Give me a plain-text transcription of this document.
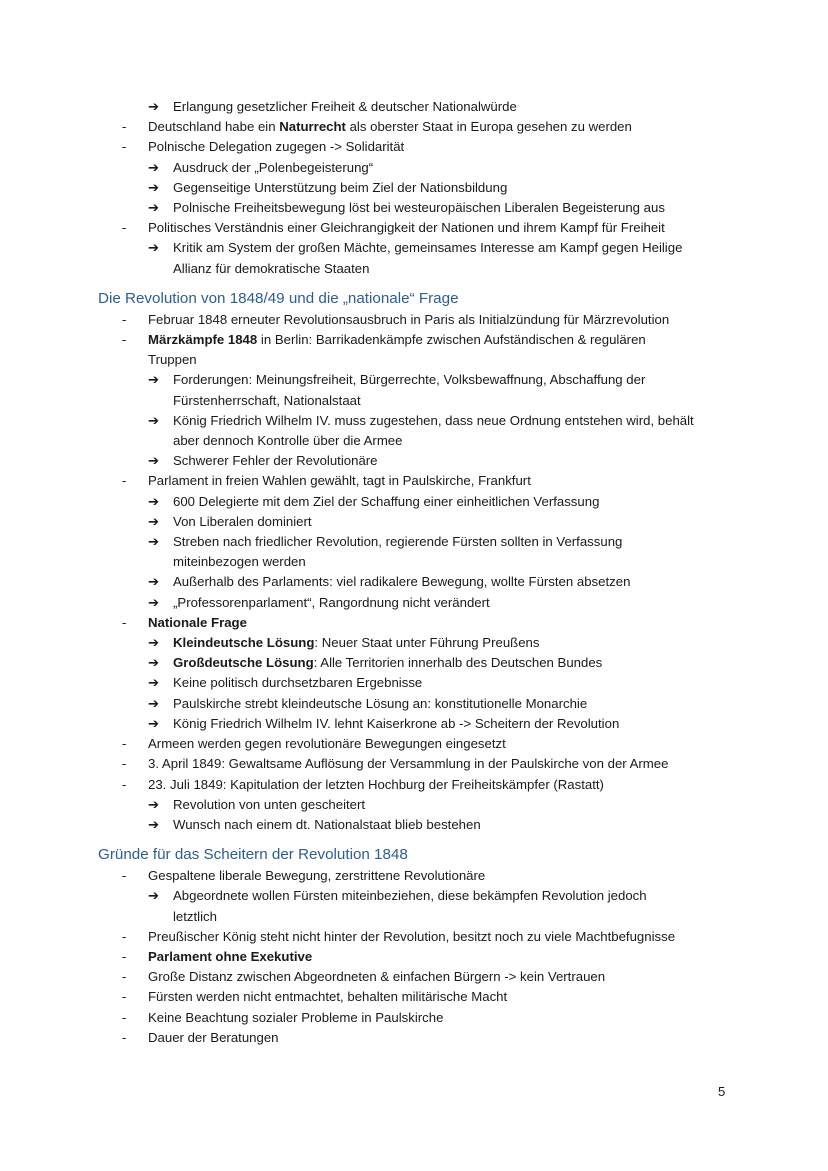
➔ Erlangung gesetzlicher Freiheit & deutscher Nationalwürde
- Deutschland habe ein Naturrecht als oberster Staat in Europa gesehen zu werden
- Polnische Delegation zugegen -> Solidarität
➔ Ausdruck der „Polenbegeisterung“
➔ Gegenseitige Unterstützung beim Ziel der Nationsbildung
➔ Polnische Freiheitsbewegung löst bei westeuropäischen Liberalen Begeisterung aus
- Politisches Verständnis einer Gleichrangigkeit der Nationen und ihrem Kampf für Freiheit
➔ Kritik am System der großen Mächte, gemeinsames Interesse am Kampf gegen Heilige
Allianz für demokratische Staaten
Die Revolution von 1848/49 und die „nationale“ Frage
- Februar 1848 erneuter Revolutionsausbruch in Paris als Initialzündung für Märzrevolution
- Märzkämpfe 1848 in Berlin: Barrikadenkämpfe zwischen Aufständischen & regulären
Truppen
➔ Forderungen: Meinungsfreiheit, Bürgerrechte, Volksbewaffnung, Abschaffung der
Fürstenherrschaft, Nationalstaat
➔ König Friedrich Wilhelm IV. muss zugestehen, dass neue Ordnung entstehen wird, behält
aber dennoch Kontrolle über die Armee
➔ Schwerer Fehler der Revolutionäre
- Parlament in freien Wahlen gewählt, tagt in Paulskirche, Frankfurt
➔ 600 Delegierte mit dem Ziel der Schaffung einer einheitlichen Verfassung
➔ Von Liberalen dominiert
➔ Streben nach friedlicher Revolution, regierende Fürsten sollten in Verfassung
miteinbezogen werden
➔ Außerhalb des Parlaments: viel radikalere Bewegung, wollte Fürsten absetzen
➔ „Professorenparlament“, Rangordnung nicht verändert
- Nationale Frage
➔ Kleindeutsche Lösung: Neuer Staat unter Führung Preußens
➔ Großdeutsche Lösung: Alle Territorien innerhalb des Deutschen Bundes
➔ Keine politisch durchsetzbaren Ergebnisse
➔ Paulskirche strebt kleindeutsche Lösung an: konstitutionelle Monarchie
➔ König Friedrich Wilhelm IV. lehnt Kaiserkrone ab -> Scheitern der Revolution
- Armeen werden gegen revolutionäre Bewegungen eingesetzt
- 3. April 1849: Gewaltsame Auflösung der Versammlung in der Paulskirche von der Armee
- 23. Juli 1849: Kapitulation der letzten Hochburg der Freiheitskämpfer (Rastatt)
➔ Revolution von unten gescheitert
➔ Wunsch nach einem dt. Nationalstaat blieb bestehen
Gründe für das Scheitern der Revolution 1848
- Gespaltene liberale Bewegung, zerstrittene Revolutionäre
➔ Abgeordnete wollen Fürsten miteinbeziehen, diese bekämpfen Revolution jedoch
letztlich
- Preußischer König steht nicht hinter der Revolution, besitzt noch zu viele Machtbefugnisse
- Parlament ohne Exekutive
- Große Distanz zwischen Abgeordneten & einfachen Bürgern -> kein Vertrauen
- Fürsten werden nicht entmachtet, behalten militärische Macht
- Keine Beachtung sozialer Probleme in Paulskirche
- Dauer der Beratungen
5
